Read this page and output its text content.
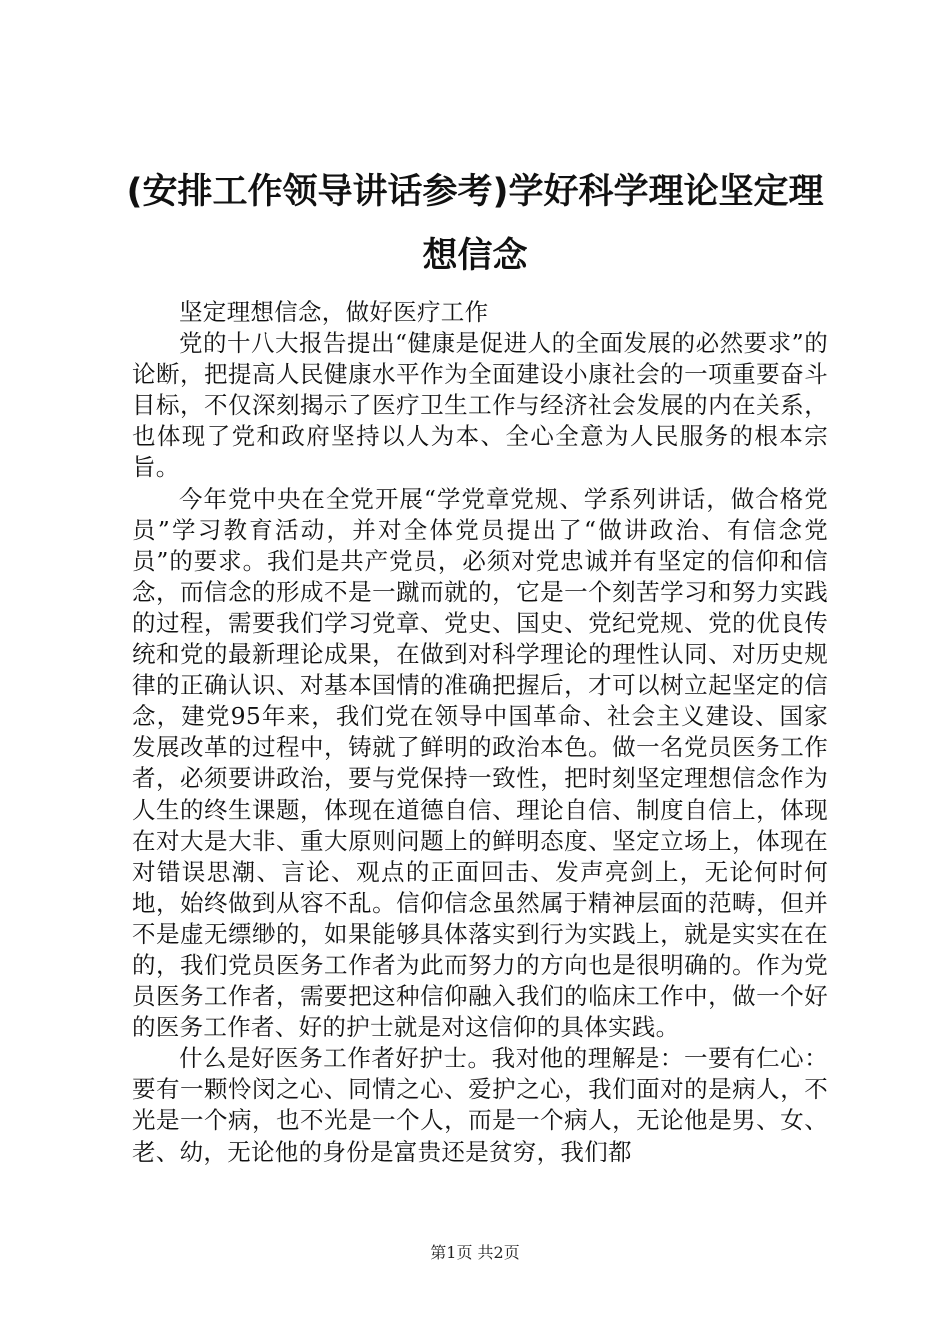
(安排工作领导讲话参考)学好科学理论坚定理想信念

坚定理想信念，做好医疗工作

党的十八大报告提出“健康是促进人的全面发展的必然要求”的论断，把提高人民健康水平作为全面建设小康社会的一项重要奋斗目标，不仅深刻揭示了医疗卫生工作与经济社会发展的内在关系，也体现了党和政府坚持以人为本、全心全意为人民服务的根本宗旨。

今年党中央在全党开展“学党章党规、学系列讲话，做合格党员”学习教育活动，并对全体党员提出了“做讲政治、有信念党员”的要求。我们是共产党员，必须对党忠诚并有坚定的信仰和信念，而信念的形成不是一蹴而就的，它是一个刻苦学习和努力实践的过程，需要我们学习党章、党史、国史、党纪党规、党的优良传统和党的最新理论成果，在做到对科学理论的理性认同、对历史规律的正确认识、对基本国情的准确把握后，才可以树立起坚定的信念，建党95年来，我们党在领导中国革命、社会主义建设、国家发展改革的过程中，铸就了鲜明的政治本色。做一名党员医务工作者，必须要讲政治，要与党保持一致性，把时刻坚定理想信念作为人生的终生课题，体现在道德自信、理论自信、制度自信上，体现在对大是大非、重大原则问题上的鲜明态度、坚定立场上，体现在对错误思潮、言论、观点的正面回击、发声亮剑上，无论何时何地，始终做到从容不乱。信仰信念虽然属于精神层面的范畴，但并不是虚无缥缈的，如果能够具体落实到行为实践上，就是实实在在的，我们党员医务工作者为此而努力的方向也是很明确的。作为党员医务工作者，需要把这种信仰融入我们的临床工作中，做一个好的医务工作者、好的护士就是对这信仰的具体实践。

什么是好医务工作者好护士。我对他的理解是：一要有仁心：要有一颗怜闵之心、同情之心、爱护之心，我们面对的是病人，不光是一个病，也不光是一个人，而是一个病人，无论他是男、女、老、幼，无论他的身份是富贵还是贫穷，我们都

第1页 共2页
